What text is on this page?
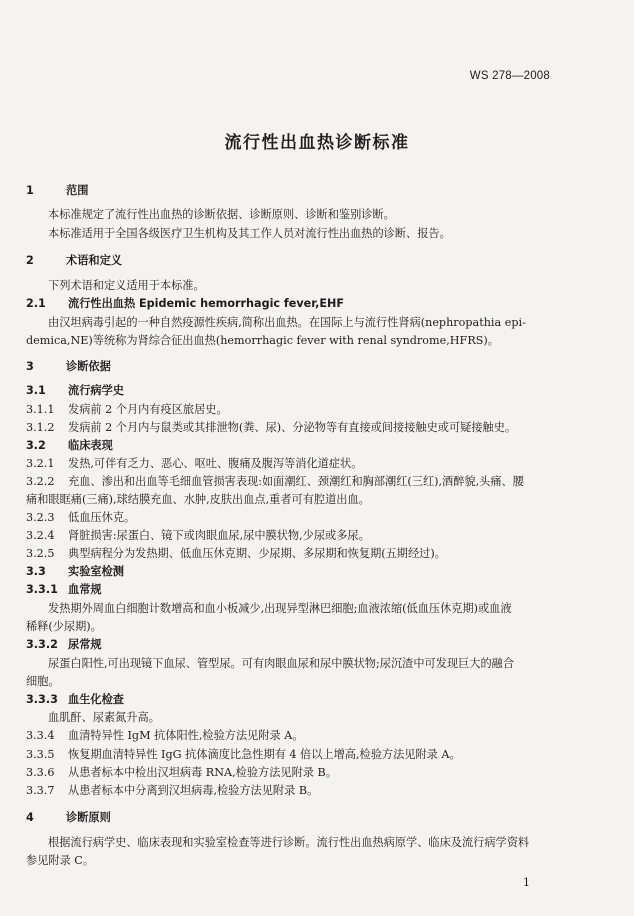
WS 278—2008
流行性出血热诊断标准
1	范围
本标准规定了流行性出血热的诊断依据、诊断原则、诊断和鉴别诊断。
本标准适用于全国各级医疗卫生机构及其工作人员对流行性出血热的诊断、报告。
2	术语和定义
下列术语和定义适用于本标准。
2.1 流行性出血热 Epidemic hemorrhagic fever,EHF
由汉坦病毒引起的一种自然疫源性疾病,简称出血热。在国际上与流行性肾病(nephropathia epi-
demica,NE)等统称为肾综合征出血热(hemorrhagic fever with renal syndrome,HFRS)。
3	诊断依据
3.1 流行病学史
3.1.1 发病前 2 个月内有疫区旅居史。
3.1.2 发病前 2 个月内与鼠类或其排泄物(粪、尿)、分泌物等有直接或间接接触史或可疑接触史。
3.2 临床表现
3.2.1 发热,可伴有乏力、恶心、呕吐、腹痛及腹泻等消化道症状。
3.2.2 充血、渗出和出血等毛细血管损害表现:如面潮红、颈潮红和胸部潮红(三红),酒醉貌,头痛、腰
痛和眼眶痛(三痛),球结膜充血、水肿,皮肤出血点,重者可有腔道出血。
3.2.3 低血压休克。
3.2.4 肾脏损害:尿蛋白、镜下或肉眼血尿,尿中膜状物,少尿或多尿。
3.2.5 典型病程分为发热期、低血压休克期、少尿期、多尿期和恢复期(五期经过)。
3.3 实验室检测
3.3.1 血常规
发热期外周血白细胞计数增高和血小板减少,出现异型淋巴细胞;血液浓缩(低血压休克期)或血液
稀释(少尿期)。
3.3.2 尿常规
尿蛋白阳性,可出现镜下血尿、管型尿。可有肉眼血尿和尿中膜状物;尿沉渣中可发现巨大的融合
细胞。
3.3.3 血生化检查
血肌酐、尿素氮升高。
3.3.4 血清特异性 IgM 抗体阳性,检验方法见附录 A。
3.3.5 恢复期血清特异性 IgG 抗体滴度比急性期有 4 倍以上增高,检验方法见附录 A。
3.3.6 从患者标本中检出汉坦病毒 RNA,检验方法见附录 B。
3.3.7 从患者标本中分离到汉坦病毒,检验方法见附录 B。
4	诊断原则
根据流行病学史、临床表现和实验室检查等进行诊断。流行性出血热病原学、临床及流行病学资料
参见附录 C。
1
